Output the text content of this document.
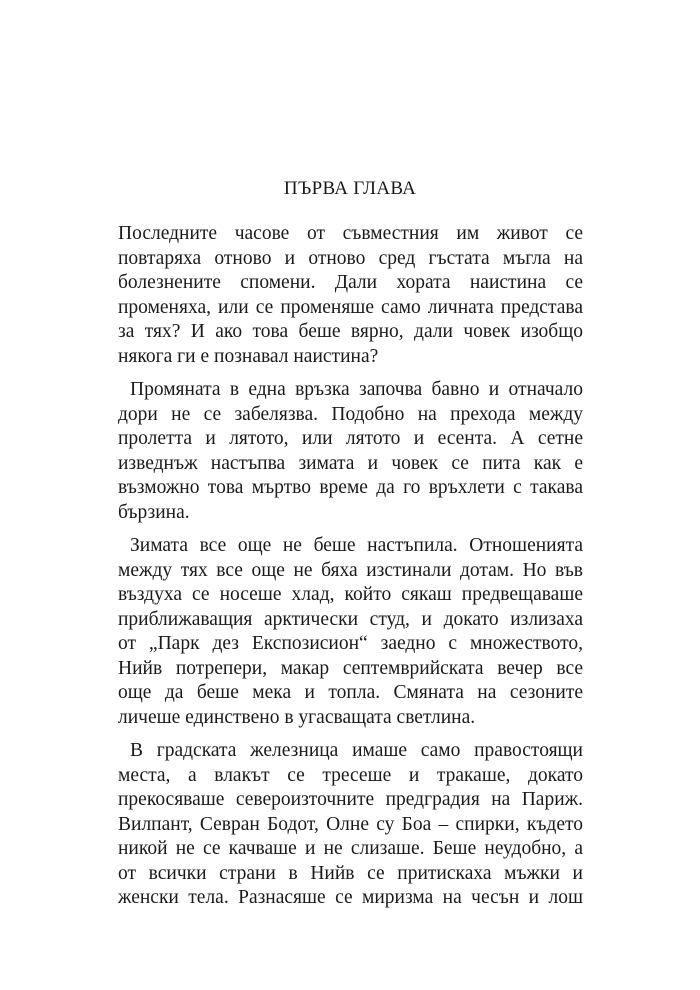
ПЪРВА ГЛАВА
Последните часове от съвместния им живот се
повтаряха отново и отново сред гъстата мъгла на
болезнените спомени. Дали хората наистина се
променяха, или се променяше само личната представа
за тях? И ако това беше вярно, дали човек изобщо
някога ги е познавал наистина?
Промяната в една връзка започва бавно и отначало
дори не се забелязва. Подобно на прехода между
пролетта и лятото, или лятото и есента. А сетне
изведнъж настъпва зимата и човек се пита как е
възможно това мъртво време да го връхлети с такава
бързина.
Зимата все още не беше настъпила. Отношенията
между тях все още не бяха изстинали дотам. Но във
въздуха се носеше хлад, който сякаш предвещаваше
приближаващия арктически студ, и докато излизаха
от „Парк дез Експозисион“ заедно с множеството,
Нийв потрепери, макар септемврийската вечер все
още да беше мека и топла. Смяната на сезоните
личеше единствено в угасващата светлина.
В градската железница имаше само правостоящи
места, а влакът се тресеше и тракаше, докато
прекосяваше североизточните предградия на Париж.
Вилпант, Севран Бодот, Олне су Боа – спирки, където
никой не се качваше и не слизаше. Беше неудобно, а
от всички страни в Нийв се притискаха мъжки и
женски тела. Разнасяше се миризма на чесън и лош
